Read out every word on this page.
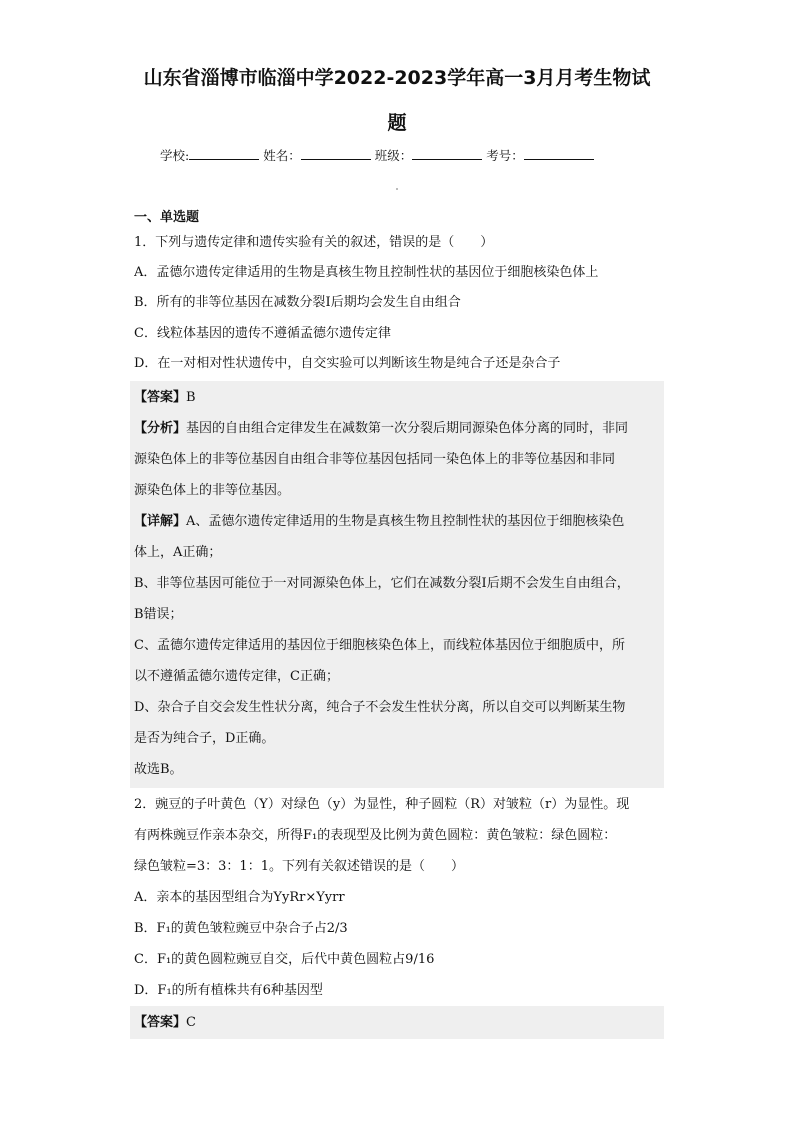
山东省淄博市临淄中学2022-2023学年高一3月月考生物试
题
学校:	姓名：	班级：	考号：
一、单选题
1．下列与遗传定律和遗传实验有关的叙述，错误的是（　　）
A．孟德尔遗传定律适用的生物是真核生物且控制性状的基因位于细胞核染色体上
B．所有的非等位基因在减数分裂Ⅰ后期均会发生自由组合
C．线粒体基因的遗传不遵循孟德尔遗传定律
D．在一对相对性状遗传中，自交实验可以判断该生物是纯合子还是杂合子
【答案】B
【分析】基因的自由组合定律发生在减数第一次分裂后期同源染色体分离的同时，非同
源染色体上的非等位基因自由组合非等位基因包括同一染色体上的非等位基因和非同
源染色体上的非等位基因。
【详解】A、孟德尔遗传定律适用的生物是真核生物且控制性状的基因位于细胞核染色
体上，A正确；
B、非等位基因可能位于一对同源染色体上，它们在减数分裂Ⅰ后期不会发生自由组合，
B错误；
C、孟德尔遗传定律适用的基因位于细胞核染色体上，而线粒体基因位于细胞质中，所
以不遵循孟德尔遗传定律，C正确；
D、杂合子自交会发生性状分离，纯合子不会发生性状分离，所以自交可以判断某生物
是否为纯合子，D正确。
故选B。
2．豌豆的子叶黄色（Y）对绿色（y）为显性，种子圆粒（R）对皱粒（r）为显性。现
有两株豌豆作亲本杂交，所得F₁的表现型及比例为黄色圆粒：黄色皱粒：绿色圆粒：
绿色皱粒=3：3：1：1。下列有关叙述错误的是（　　）
A．亲本的基因型组合为YyRr×Yyrr
B．F₁的黄色皱粒豌豆中杂合子占2/3
C．F₁的黄色圆粒豌豆自交，后代中黄色圆粒占9/16
D．F₁的所有植株共有6种基因型
【答案】C
